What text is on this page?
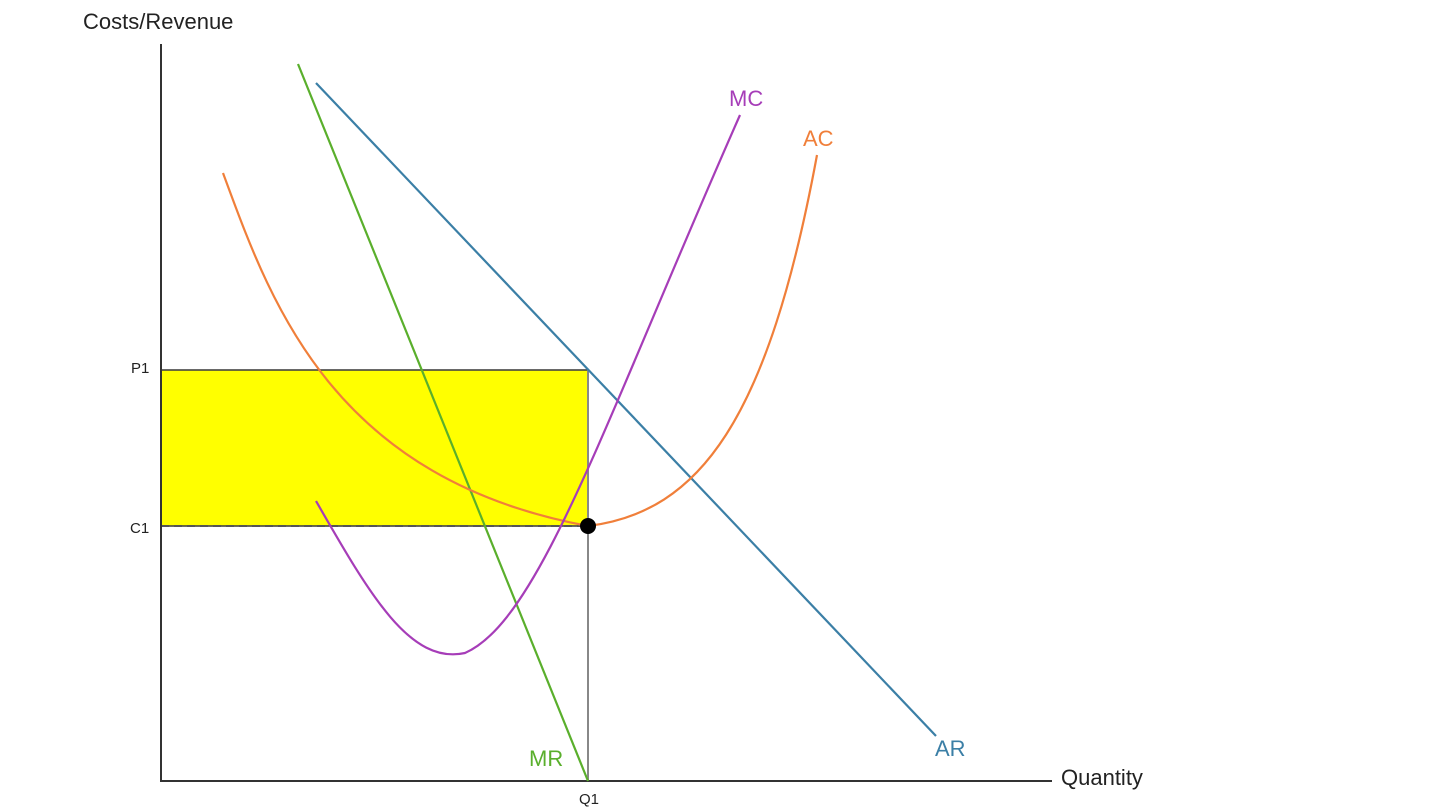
Costs/Revenue
Quantity
P1
C1
Q1
MC
AC
MR	AR
